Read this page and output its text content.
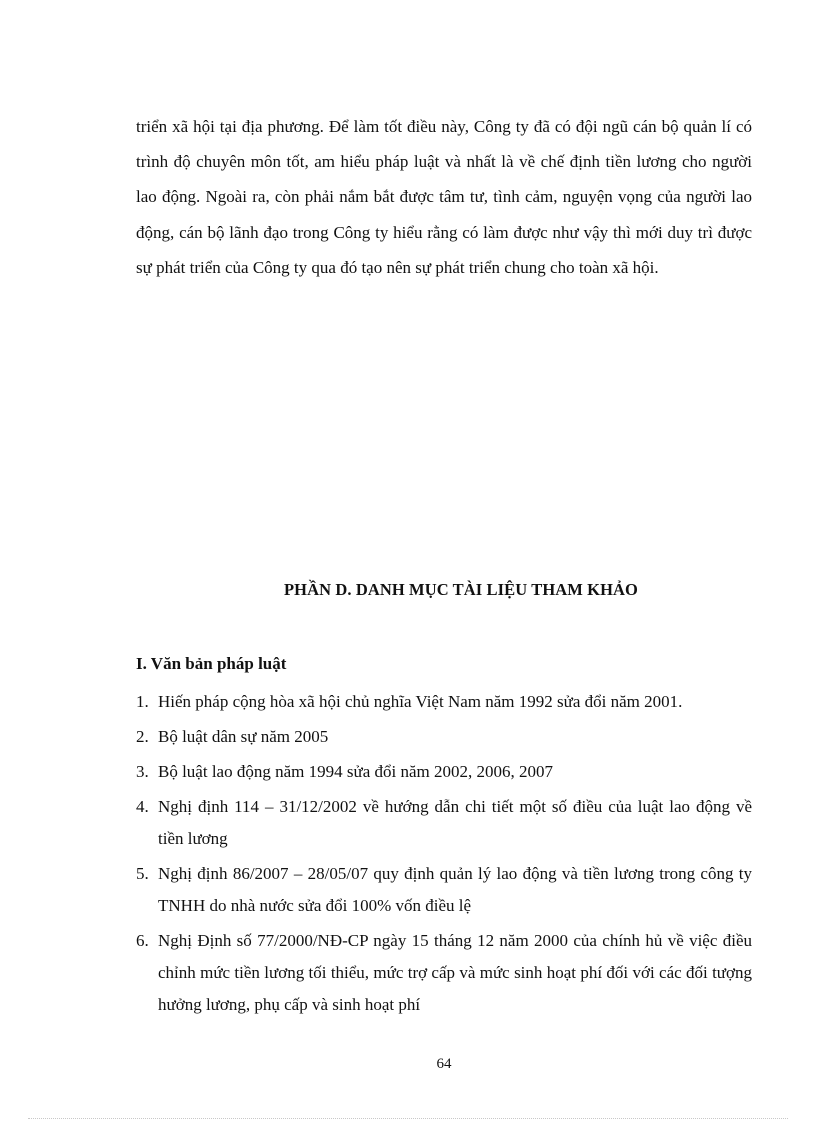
triển xã hội tại địa phương. Để làm tốt điều này, Công ty đã có đội ngũ cán bộ quản lí có trình độ chuyên môn tốt, am hiểu pháp luật và nhất là về chế định tiền lương cho người lao động. Ngoài ra, còn phải nắm bắt được tâm tư, tình cảm, nguyện vọng của người lao động, cán bộ lãnh đạo trong Công ty hiểu rằng có làm được như vậy thì mới duy trì được sự phát triển của Công ty qua đó tạo nên sự phát triển chung cho toàn xã hội.

PHẦN D. DANH MỤC TÀI LIỆU THAM KHẢO
I. Văn bản pháp luật
1. Hiến pháp cộng hòa xã hội chủ nghĩa Việt Nam năm 1992 sửa đổi năm 2001.
2. Bộ luật dân sự năm 2005
3. Bộ luật lao động năm 1994 sửa đổi năm 2002, 2006, 2007
4. Nghị định 114 – 31/12/2002 về hướng dẫn chi tiết một số điều của luật lao động về tiền lương
5. Nghị định 86/2007 – 28/05/07 quy định quản lý lao động và tiền lương trong công ty TNHH do nhà nước sửa đổi 100% vốn điều lệ
6. Nghị Định số 77/2000/NĐ-CP ngày 15 tháng 12 năm 2000 của chính hủ về việc điều chỉnh mức tiền lương tối thiểu, mức trợ cấp và mức sinh hoạt phí đối với các đối tượng hưởng lương, phụ cấp và sinh hoạt phí
64
